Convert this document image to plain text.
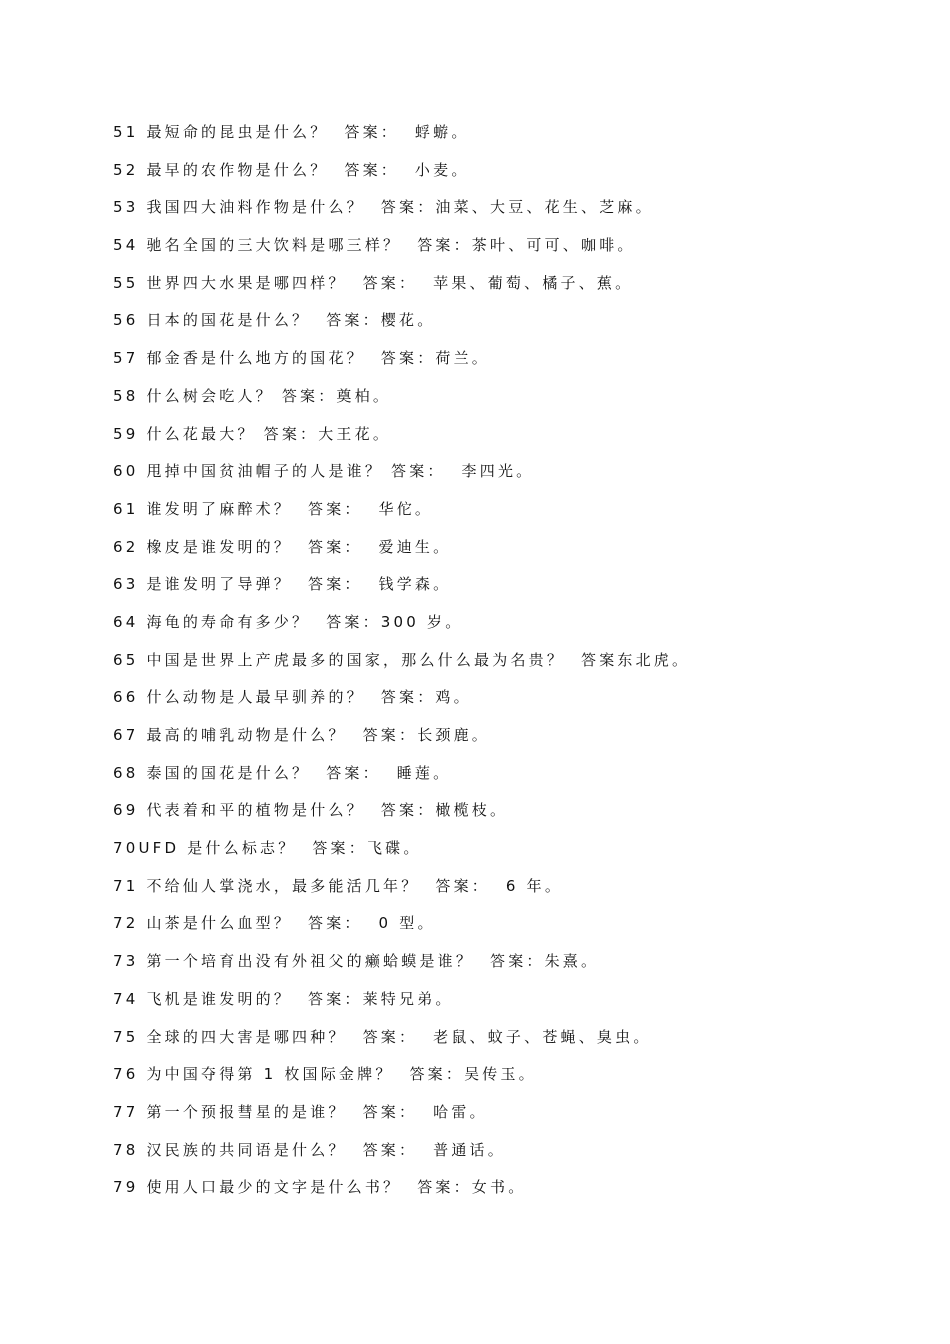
51 最短命的昆虫是什么？  答案：  蜉蝣。
52 最早的农作物是什么？  答案：  小麦。
53 我国四大油料作物是什么？  答案：油菜、大豆、花生、芝麻。
54 驰名全国的三大饮料是哪三样？  答案：茶叶、可可、咖啡。
55 世界四大水果是哪四样？  答案：  苹果、葡萄、橘子、蕉。
56 日本的国花是什么？  答案：樱花。
57 郁金香是什么地方的国花？  答案：荷兰。
58 什么树会吃人？ 答案：奠柏。
59 什么花最大？ 答案：大王花。
60 甩掉中国贫油帽子的人是谁？ 答案：  李四光。
61 谁发明了麻醉术？  答案：  华佗。
62 橡皮是谁发明的？  答案：  爱迪生。
63 是谁发明了导弹？  答案：  钱学森。
64 海龟的寿命有多少？  答案：300 岁。
65 中国是世界上产虎最多的国家，那么什么最为名贵？  答案东北虎。
66 什么动物是人最早驯养的？  答案：鸡。
67 最高的哺乳动物是什么？  答案：长颈鹿。
68 泰国的国花是什么？  答案：  睡莲。
69 代表着和平的植物是什么？  答案：橄榄枝。
70UFD 是什么标志？  答案：飞碟。
71 不给仙人掌浇水，最多能活几年？  答案：  6 年。
72 山茶是什么血型？  答案：  0 型。
73 第一个培育出没有外祖父的癞蛤蟆是谁？  答案：朱熹。
74 飞机是谁发明的？  答案：莱特兄弟。
75 全球的四大害是哪四种？  答案：  老鼠、蚊子、苍蝇、臭虫。
76 为中国夺得第 1 枚国际金牌？  答案：吴传玉。
77 第一个预报彗星的是谁？  答案：  哈雷。
78 汉民族的共同语是什么？  答案：  普通话。
79 使用人口最少的文字是什么书？  答案：女书。
